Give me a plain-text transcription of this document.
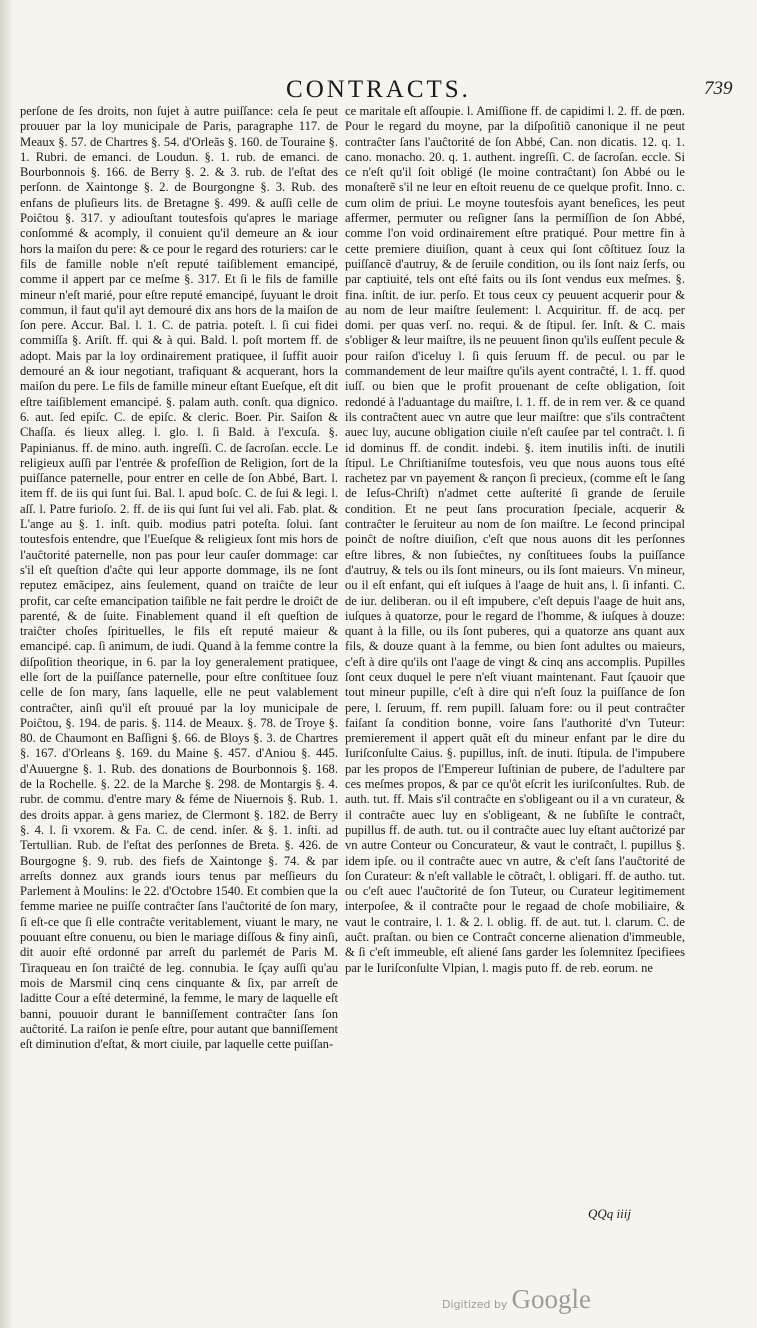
CONTRACTS.	739

perſone de ſes droits, non ſujet à autre puiſſance: cela ſe peut prouuer par la loy municipale de Paris, paragraphe 117. de Meaux §. 57. de Chartres §. 54. d'Orleãs §. 160. de Touraine §. 1. Rubri. de emanci. de Loudun. §. 1. rub. de emanci. de Bourbonnois §. 166. de Berry §. 2. & 3. rub. de l'eſtat des perſonn. de Xaintonge §. 2. de Bourgongne §. 3. Rub. des enfans de pluſieurs lits. de Bretagne §. 499. & auſſi celle de Poiĉtou §. 317. y adiouſtant toutesfois qu'apres le mariage conſommé & acomply, il conuient qu'il demeure an & iour hors la maiſon du pere: & ce pour le regard des roturiers: car le fils de famille noble n'eſt reputé taiſiblement emancipé, comme il appert par ce meſme §. 317. Et ſi le fils de famille mineur n'eſt marié, pour eſtre reputé emancipé, ſuyuant le droit commun, il faut qu'il ayt demouré dix ans hors de la maiſon de ſon pere. Accur. Bal. l. 1. C. de patria. poteſt. l. ſi cui fidei commiſſa §. Ariſt. ff. qui & à qui. Bald. l. poſt mortem ff. de adopt. Mais par la loy ordinairement pratiquee, il ſuffit auoir demouré an & iour negotiant, trafiquant & acquerant, hors la maiſon du pere. Le fils de famille mineur eſtant Eueſque, eſt dit eſtre taiſiblement emancipé. §. palam auth. conſt. qua dignico. 6. aut. ſed epiſc. C. de epiſc. & cleric. Boer. Pir. Saiſon & Chaſſa. és lieux alleg. l. glo. l. ſi Bald. à l'excuſa. §. Papinianus. ff. de mino. auth. ingreſſi. C. de ſacroſan. eccle. Le religieux auſſi par l'entrée & profeſſion de Religion, ſort de la puiſſance paternelle, pour entrer en celle de ſon Abbé, Bart. l. item ff. de iis qui ſunt ſui. Bal. l. apud boſc. C. de ſui & legi. l. aſſ. l. Patre furioſo. 2. ff. de iis qui ſunt ſui vel ali. Fab. plat. & L'ange au §. 1. inſt. quib. modius patri poteſta. ſolui. ſant toutesfois entendre, que l'Eueſque & religieux ſont mis hors de l'auĉtorité paternelle, non pas pour leur cauſer dommage: car s'il eſt queſtion d'aĉte qui leur apporte dommage, ils ne ſont reputez emãcipez, ains ſeulement, quand on traiĉte de leur profit, car ceſte emancipation taiſible ne fait perdre le droiĉt de parenté, & de ſuite. Finablement quand il eſt queſtion de traiĉter choſes ſpirituelles, le fils eſt reputé maieur & emancipé. cap. ſi animum, de iudi. Quand à la femme contre la diſpoſition theorique, in 6. par la loy generalement pratiquee, elle ſort de la puiſſance paternelle, pour eſtre conſtituee ſouz celle de ſon mary, ſans laquelle, elle ne peut valablement contraĉter, ainſi qu'il eſt prouué par la loy municipale de Poiĉtou, §. 194. de paris. §. 114. de Meaux. §. 78. de Troye §. 80. de Chaumont en Baſſigni §. 66. de Bloys §. 3. de Chartres §. 167. d'Orleans §. 169. du Maine §. 457. d'Aniou §. 445. d'Auuergne §. 1. Rub. des donations de Bourbonnois §. 168. de la Rochelle. §. 22. de la Marche §. 298. de Montargis §. 4. rubr. de commu. d'entre mary & féme de Niuernois §. Rub. 1. des droits appar. à gens mariez, de Clermont §. 182. de Berry §. 4. l. ſi vxorem. & Fa. C. de cend. inſer. & §. 1. inſti. ad Tertullian. Rub. de l'eſtat des perſonnes de Breta. §. 426. de Bourgogne §. 9. rub. des fiefs de Xaintonge §. 74. & par arreſts donnez aux grands iours tenus par meſſieurs du Parlement à Moulins: le 22. d'Octobre 1540. Et combien que la femme mariee ne puiſſe contraĉter ſans l'auĉtorité de ſon mary, ſi eſt-ce que ſi elle contraĉte veritablement, viuant le mary, ne pouuant eſtre conuenu, ou bien le mariage diſſous & finy ainſi, dit auoir eſté ordonné par arreſt du parlemét de Paris M. Tiraqueau en ſon traiĉté de leg. connubia. Ie ſçay auſſi qu'au mois de Marsmil cinq cens cinquante & ſix, par arreſt de laditte Cour a eſté determiné, la femme, le mary de laquelle eſt banni, pouuoir durant le banniſſement contraĉter ſans ſon auĉtorité. La raiſon ie penſe eſtre, pour autant que banniſſement eſt diminution d'eſtat, & mort ciuile, par laquelle cette puiſſan-

ce maritale eſt aſſoupie. l. Amiſſione ff. de capidimi l. 2. ff. de pœn. Pour le regard du moyne, par la diſpoſitiõ canonique il ne peut contraĉter ſans l'auĉtorité de ſon Abbé, Can. non dicatis. 12. q. 1. cano. monacho. 20. q. 1. authent. ingreſſi. C. de ſacroſan. eccle. Si ce n'eſt qu'il ſoit obligé (le moine contraĉtant) ſon Abbé ou le monaſterẽ s'il ne leur en eſtoit reuenu de ce quelque profit. Inno. c. cum olim de priui. Le moyne toutesfois ayant beneſices, les peut affermer, permuter ou reſigner ſans la permiſſion de ſon Abbé, comme l'on void ordinairement eſtre pratiqué. Pour mettre fin à cette premiere diuiſion, quant à ceux qui ſont côſtituez ſouz la puiſſancẽ d'autruy, & de ſeruile condition, ou ils ſont naiz ſerfs, ou par captiuité, tels ont eſté faits ou ils ſont vendus eux meſmes. §. fina. inſtit. de iur. perſo. Et tous ceux cy peuuent acquerir pour & au nom de leur maiſtre ſeulement: l. Acquiritur. ff. de acq. per domi. per quas verſ. no. requi. & de ſtipul. ſer. Inſt. & C. mais s'obliger & leur maiſtre, ils ne peuuent ſinon qu'ils euſſent pecule & pour raiſon d'iceluy l. ſi quis ſeruum ff. de pecul. ou par le commandement de leur maiſtre qu'ils ayent contraĉté, l. 1. ff. quod iuſſ. ou bien que le profit prouenant de ceſte obligation, ſoit redondé à l'aduantage du maiſtre, l. 1. ff. de in rem ver. & ce quand ils contraĉtent auec vn autre que leur maiſtre: que s'ils contraĉtent auec luy, aucune obligation ciuile n'eſt cauſee par tel contraĉt. l. ſi id dominus ff. de condit. indebi. §. item inutilis inſti. de inutili ſtipul. Le Chriſtianiſme toutesfois, veu que nous auons tous eſté rachetez par vn payement & rançon ſi precieux, (comme eſt le ſang de Ieſus-Chriſt) n'admet cette auſterité ſi grande de ſeruile condition. Et ne peut ſans procuration ſpeciale, acquerir & contraĉter le ſeruiteur au nom de ſon maiſtre. Le ſecond principal poinĉt de noſtre diuiſion, c'eſt que nous auons dit les perſonnes eſtre libres, & non ſubieĉtes, ny conſtituees ſoubs la puiſſance d'autruy, & tels ou ils ſont mineurs, ou ils ſont maieurs. Vn mineur, ou il eſt enfant, qui eſt iuſques à l'aage de huit ans, l. ſi infanti. C. de iur. deliberan. ou il eſt impubere, c'eſt depuis l'aage de huit ans, iuſques à quatorze, pour le regard de l'homme, & iuſques à douze: quant à la fille, ou ils ſont puberes, qui a quatorze ans quant aux fils, & douze quant à la femme, ou bien ſont adultes ou maieurs, c'eſt à dire qu'ils ont l'aage de vingt & cinq ans accomplis. Pupilles ſont ceux duquel le pere n'eſt viuant maintenant. Faut ſçauoir que tout mineur pupille, c'eſt à dire qui n'eſt ſouz la puiſſance de ſon pere, l. ſeruum, ff. rem pupill. ſaluam fore: ou il peut contraĉter faiſant ſa condition bonne, voire ſans l'authorité d'vn Tuteur: premierement il appert quãt eſt du mineur enfant par le dire du Iuriſconſulte Caius. §. pupillus, inſt. de inuti. ſtipula. de l'impubere par les propos de l'Empereur Iuſtinian de pubere, de l'adultere par ces meſmes propos, & par ce qu'ôt eſcrit les iuriſconſultes. Rub. de auth. tut. ff. Mais s'il contraĉte en s'obligeant ou il a vn curateur, & il contraĉte auec luy en s'obligeant, & ne ſubſiſte le contraĉt, pupillus ff. de auth. tut. ou il contraĉte auec luy eſtant auĉtorizé par vn autre Conteur ou Concurateur, & vaut le contraĉt, l. pupillus §. idem ipſe. ou il contraĉte auec vn autre, & c'eſt ſans l'auĉtorité de ſon Curateur: & n'eſt vallable le cõtraĉt, l. obligari. ff. de autho. tut. ou c'eſt auec l'auĉtorité de ſon Tuteur, ou Curateur legitimement interpoſee, & il contraĉte pour le regaad de choſe mobiliaire, & vaut le contraire, l. 1. & 2. l. oblig. ff. de aut. tut. l. clarum. C. de auĉt. praſtan. ou bien ce Contraĉt concerne alienation d'immeuble, & ſi c'eſt immeuble, eſt aliené ſans garder les ſolemnitez ſpecifiees par le Iuriſconſulte Vlpian, l. magis puto ff. de reb. eorum. ne

QQq iiij
Digitized by Google
